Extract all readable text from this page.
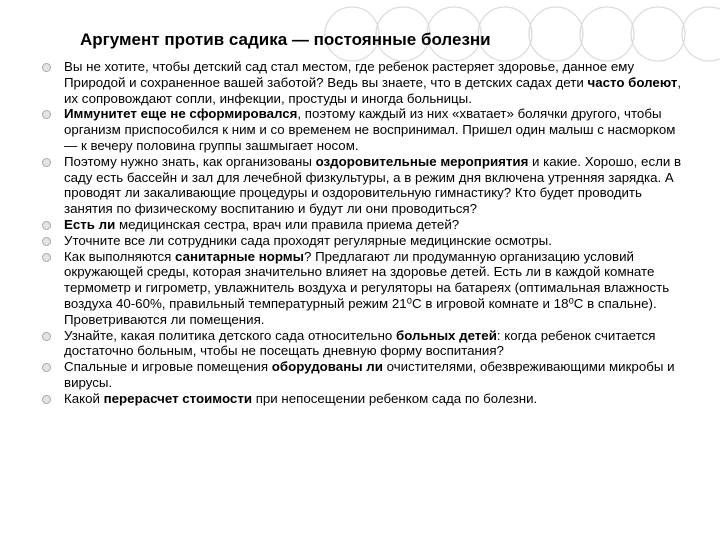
Аргумент против садика — постоянные болезни
Вы не хотите, чтобы детский сад стал местом, где ребенок растеряет здоровье, данное ему Природой и сохраненное вашей заботой? Ведь вы знаете, что в детских садах дети часто болеют, их сопровождают сопли, инфекции, простуды и иногда больницы.
Иммунитет еще не сформировался, поэтому каждый из них «хватает» болячки другого, чтобы организм приспособился к ним и со временем не воспринимал. Пришел один малыш с насморком — к вечеру половина группы зашмыгает носом.
Поэтому нужно знать, как организованы оздоровительные мероприятия и какие. Хорошо, если в саду есть бассейн и зал для лечебной физкультуры, а в режим дня включена утренняя зарядка. А проводят ли закаливающие процедуры и оздоровительную гимнастику? Кто будет проводить занятия по физическому воспитанию и будут ли они проводиться?
Есть ли медицинская сестра, врач или правила приема детей?
Уточните все ли сотрудники сада проходят регулярные медицинские осмотры.
Как выполняются санитарные нормы? Предлагают ли продуманную организацию условий окружающей среды, которая значительно влияет на здоровье детей. Есть ли в каждой комнате термометр и гигрометр, увлажнитель воздуха и регуляторы на батареях (оптимальная влажность воздуха 40-60%, правильный температурный режим 21⁰С в игровой комнате и 18⁰С в спальне). Проветриваются ли помещения.
Узнайте, какая политика детского сада относительно больных детей: когда ребенок считается достаточно больным, чтобы не посещать дневную форму воспитания?
Спальные и игровые помещения оборудованы ли очистителями, обезвреживающими микробы и вирусы.
Какой перерасчет стоимости при непосещении ребенком сада по болезни.
